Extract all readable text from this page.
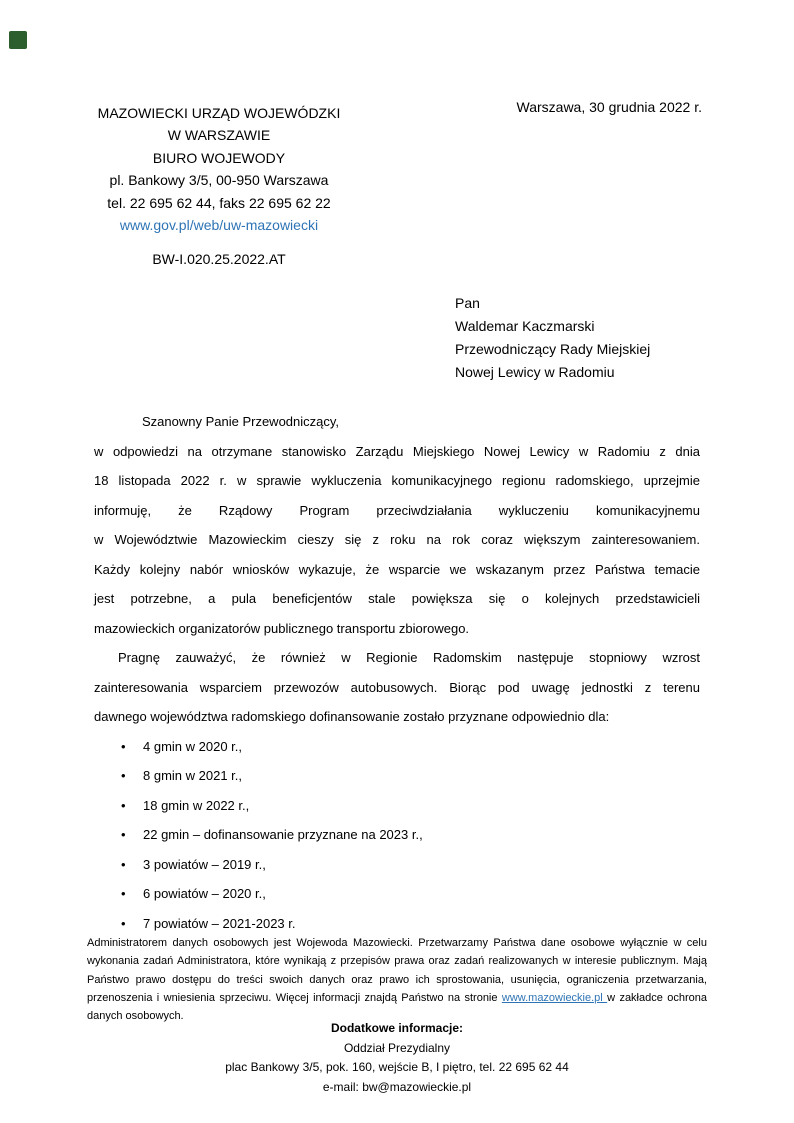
MAZOWIECKI URZĄD WOJEWÓDZKI
W WARSZAWIE
BIURO WOJEWODY
pl. Bankowy 3/5, 00-950 Warszawa
tel. 22 695 62 44, faks 22 695 62 22
www.gov.pl/web/uw-mazowiecki
BW-I.020.25.2022.AT
Warszawa, 30 grudnia 2022 r.
Pan
Waldemar Kaczmarski
Przewodniczący Rady Miejskiej
Nowej Lewicy w Radomiu
Szanowny Panie Przewodniczący,
w odpowiedzi na otrzymane stanowisko Zarządu Miejskiego Nowej Lewicy w Radomiu z dnia
18 listopada 2022 r. w sprawie wykluczenia komunikacyjnego regionu radomskiego, uprzejmie
informuję, że Rządowy Program przeciwdziałania wykluczeniu komunikacyjnemu
w Województwie Mazowieckim cieszy się z roku na rok coraz większym zainteresowaniem.
Każdy kolejny nabór wniosków wykazuje, że wsparcie we wskazanym przez Państwa temacie
jest potrzebne, a pula beneficjentów stale powiększa się o kolejnych przedstawicieli
mazowieckich organizatorów publicznego transportu zbiorowego.
Pragnę zauważyć, że również w Regionie Radomskim następuje stopniowy wzrost
zainteresowania wsparciem przewozów autobusowych. Biorąc pod uwagę jednostki z terenu
dawnego województwa radomskiego dofinansowanie zostało przyznane odpowiednio dla:
• 4 gmin w 2020 r.,
• 8 gmin w 2021 r.,
• 18 gmin w 2022 r.,
• 22 gmin – dofinansowanie przyznane na 2023 r.,
• 3 powiatów – 2019 r.,
• 6 powiatów – 2020 r.,
• 7 powiatów – 2021-2023 r.
Administratorem danych osobowych jest Wojewoda Mazowiecki. Przetwarzamy Państwa dane osobowe wyłącznie w celu
wykonania zadań Administratora, które wynikają z przepisów prawa oraz zadań realizowanych w interesie publicznym. Mają
Państwo prawo dostępu do treści swoich danych oraz prawo ich sprostowania, usunięcia, ograniczenia przetwarzania,
przenoszenia i wniesienia sprzeciwu. Więcej informacji znajdą Państwo na stronie www.mazowieckie.pl w zakładce ochrona
danych osobowych.
Dodatkowe informacje:
Oddział Prezydialny
plac Bankowy 3/5, pok. 160, wejście B, I piętro, tel. 22 695 62 44
e-mail: bw@mazowieckie.pl
